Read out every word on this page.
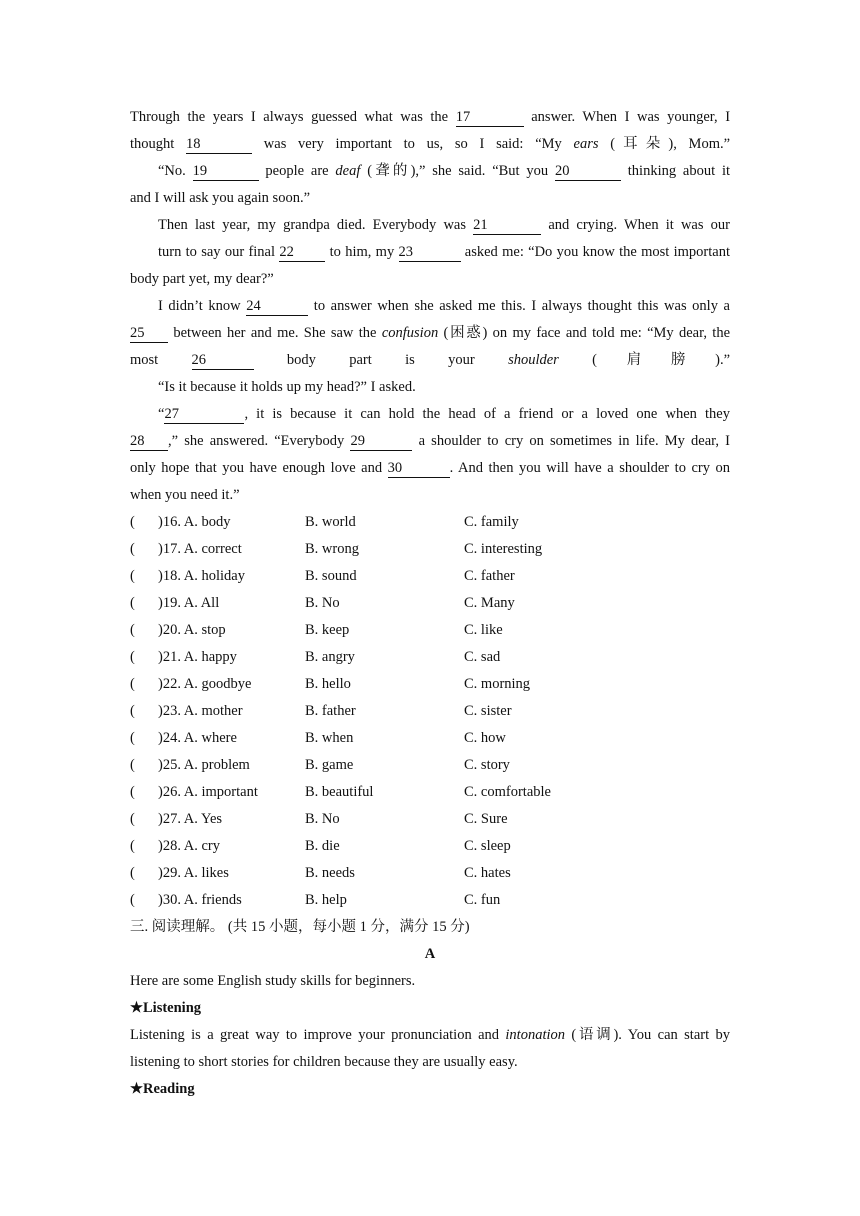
Through the years I always guessed what was the 17	answer. When I was younger, I
thought 18	was very important to us, so I said: “My ears (耳朵), Mom.”
“No. 19	people are deaf (聋的),” she said. “But you 20	thinking about it
and I will ask you again soon.”
Then last year, my grandpa died. Everybody was 21	and crying. When it was our
turn to say our final 22 to him, my 23	asked me: “Do you know the most important
body part yet, my dear?”
I didn’t know 24	to answer when she asked me this. I always thought this was only a
25 between her and me. She saw the confusion (困惑) on my face and told me: “My dear, the
most 26	body part is your shoulder (肩膀).”
“Is it because it holds up my head?” I asked.
“27	, it is because it can hold the head of a friend or a loved one when they
28 ,” she answered. “Everybody 29	a shoulder to cry on sometimes in life. My dear, I
only hope that you have enough love and 30	. And then you will have a shoulder to cry on
when you need it.”
( )16. A. body	B. world	C. family
( )17. A. correct	B. wrong	C. interesting
( )18. A. holiday	B. sound	C. father
( )19. A. All	B. No	C. Many
( )20. A. stop	B. keep	C. like
( )21. A. happy	B. angry	C. sad
( )22. A. goodbye	B. hello	C. morning
( )23. A. mother	B. father	C. sister
( )24. A. where	B. when	C. how
( )25. A. problem	B. game	C. story
( )26. A. important	B. beautiful	C. comfortable
( )27. A. Yes	B. No	C. Sure
( )28. A. cry	B. die	C. sleep
( )29. A. likes	B. needs	C. hates
( )30. A. friends	B. help	C. fun
三. 阅读理解。 (共 15 小题，每小题 1 分，满分 15 分)
A
Here are some English study skills for beginners.
★Listening
Listening is a great way to improve your pronunciation and intonation (语调). You can start by
listening to short stories for children because they are usually easy.
★Reading
